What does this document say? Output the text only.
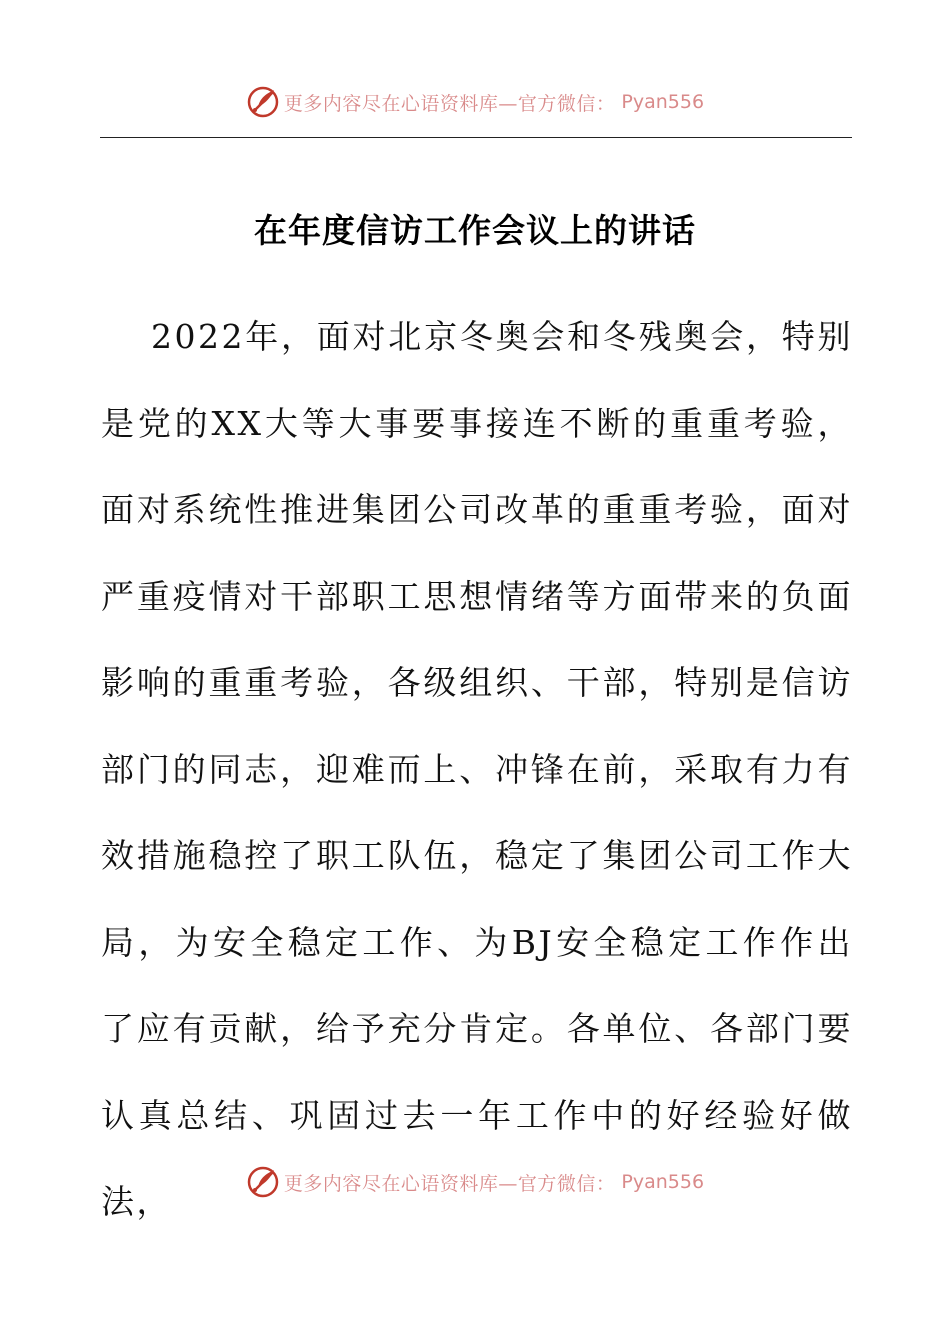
更多内容尽在心语资料库—官方微信： Pyan556
在年度信访工作会议上的讲话

2022年，面对北京冬奥会和冬残奥会，特别是党的XX大等大事要事接连不断的重重考验，面对系统性推进集团公司改革的重重考验，面对严重疫情对干部职工思想情绪等方面带来的负面影响的重重考验，各级组织、干部，特别是信访部门的同志，迎难而上、冲锋在前，采取有力有效措施稳控了职工队伍，稳定了集团公司工作大局，为安全稳定工作、为BJ安全稳定工作作出了应有贡献，给予充分肯定。各单位、各部门要认真总结、巩固过去一年工作中的好经验好做法，	更多内容尽在心语资料库—官方微信： Pyan556
